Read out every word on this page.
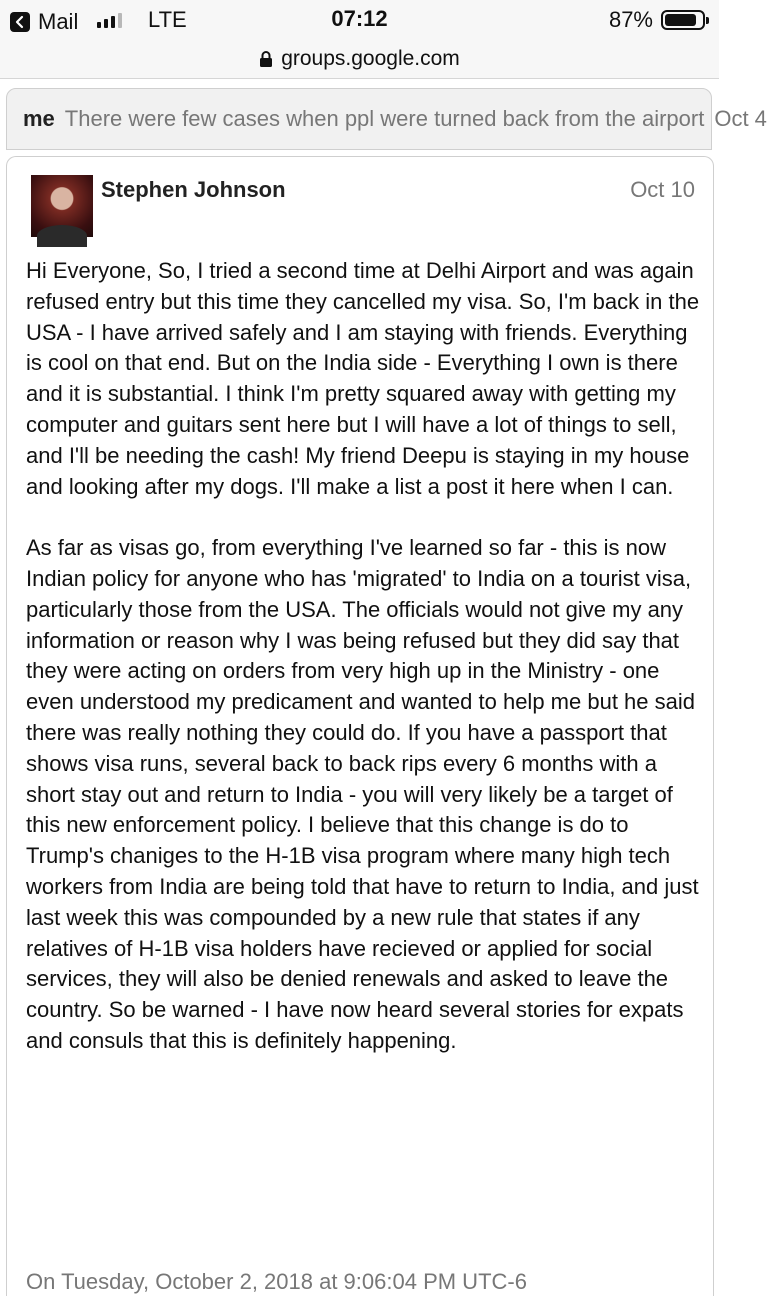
Mail	LTE	07:12	87%
groups.google.com
me There were few cases when ppl were turned back from the airport Oct 4
Stephen Johnson	Oct 10

Hi Everyone, So, I tried a second time at Delhi Airport and was again refused entry but this time they cancelled my visa. So, I'm back in the USA - I have arrived safely and I am staying with friends. Everything is cool on that end. But on the India side - Everything I own is there and it is substantial. I think I'm pretty squared away with getting my computer and guitars sent here but I will have a lot of things to sell, and I'll be needing the cash! My friend Deepu is staying in my house and looking after my dogs. I'll make a list a post it here when I can.

As far as visas go, from everything I've learned so far - this is now Indian policy for anyone who has 'migrated' to India on a tourist visa, particularly those from the USA. The officials would not give my any information or reason why I was being refused but they did say that they were acting on orders from very high up in the Ministry - one even understood my predicament and wanted to help me but he said there was really nothing they could do. If you have a passport that shows visa runs, several back to back rips every 6 months with a short stay out and return to India - you will very likely be a target of this new enforcement policy. I believe that this change is do to Trump's chaniges to the H-1B visa program where many high tech workers from India are being told that have to return to India, and just last week this was compounded by a new rule that states if any relatives of H-1B visa holders have recieved or applied for social services, they will also be denied renewals and asked to leave the country. So be warned - I have now heard several stories for expats and consuls that this is definitely happening.

On Tuesday, October 2, 2018 at 9:06:04 PM UTC-6
